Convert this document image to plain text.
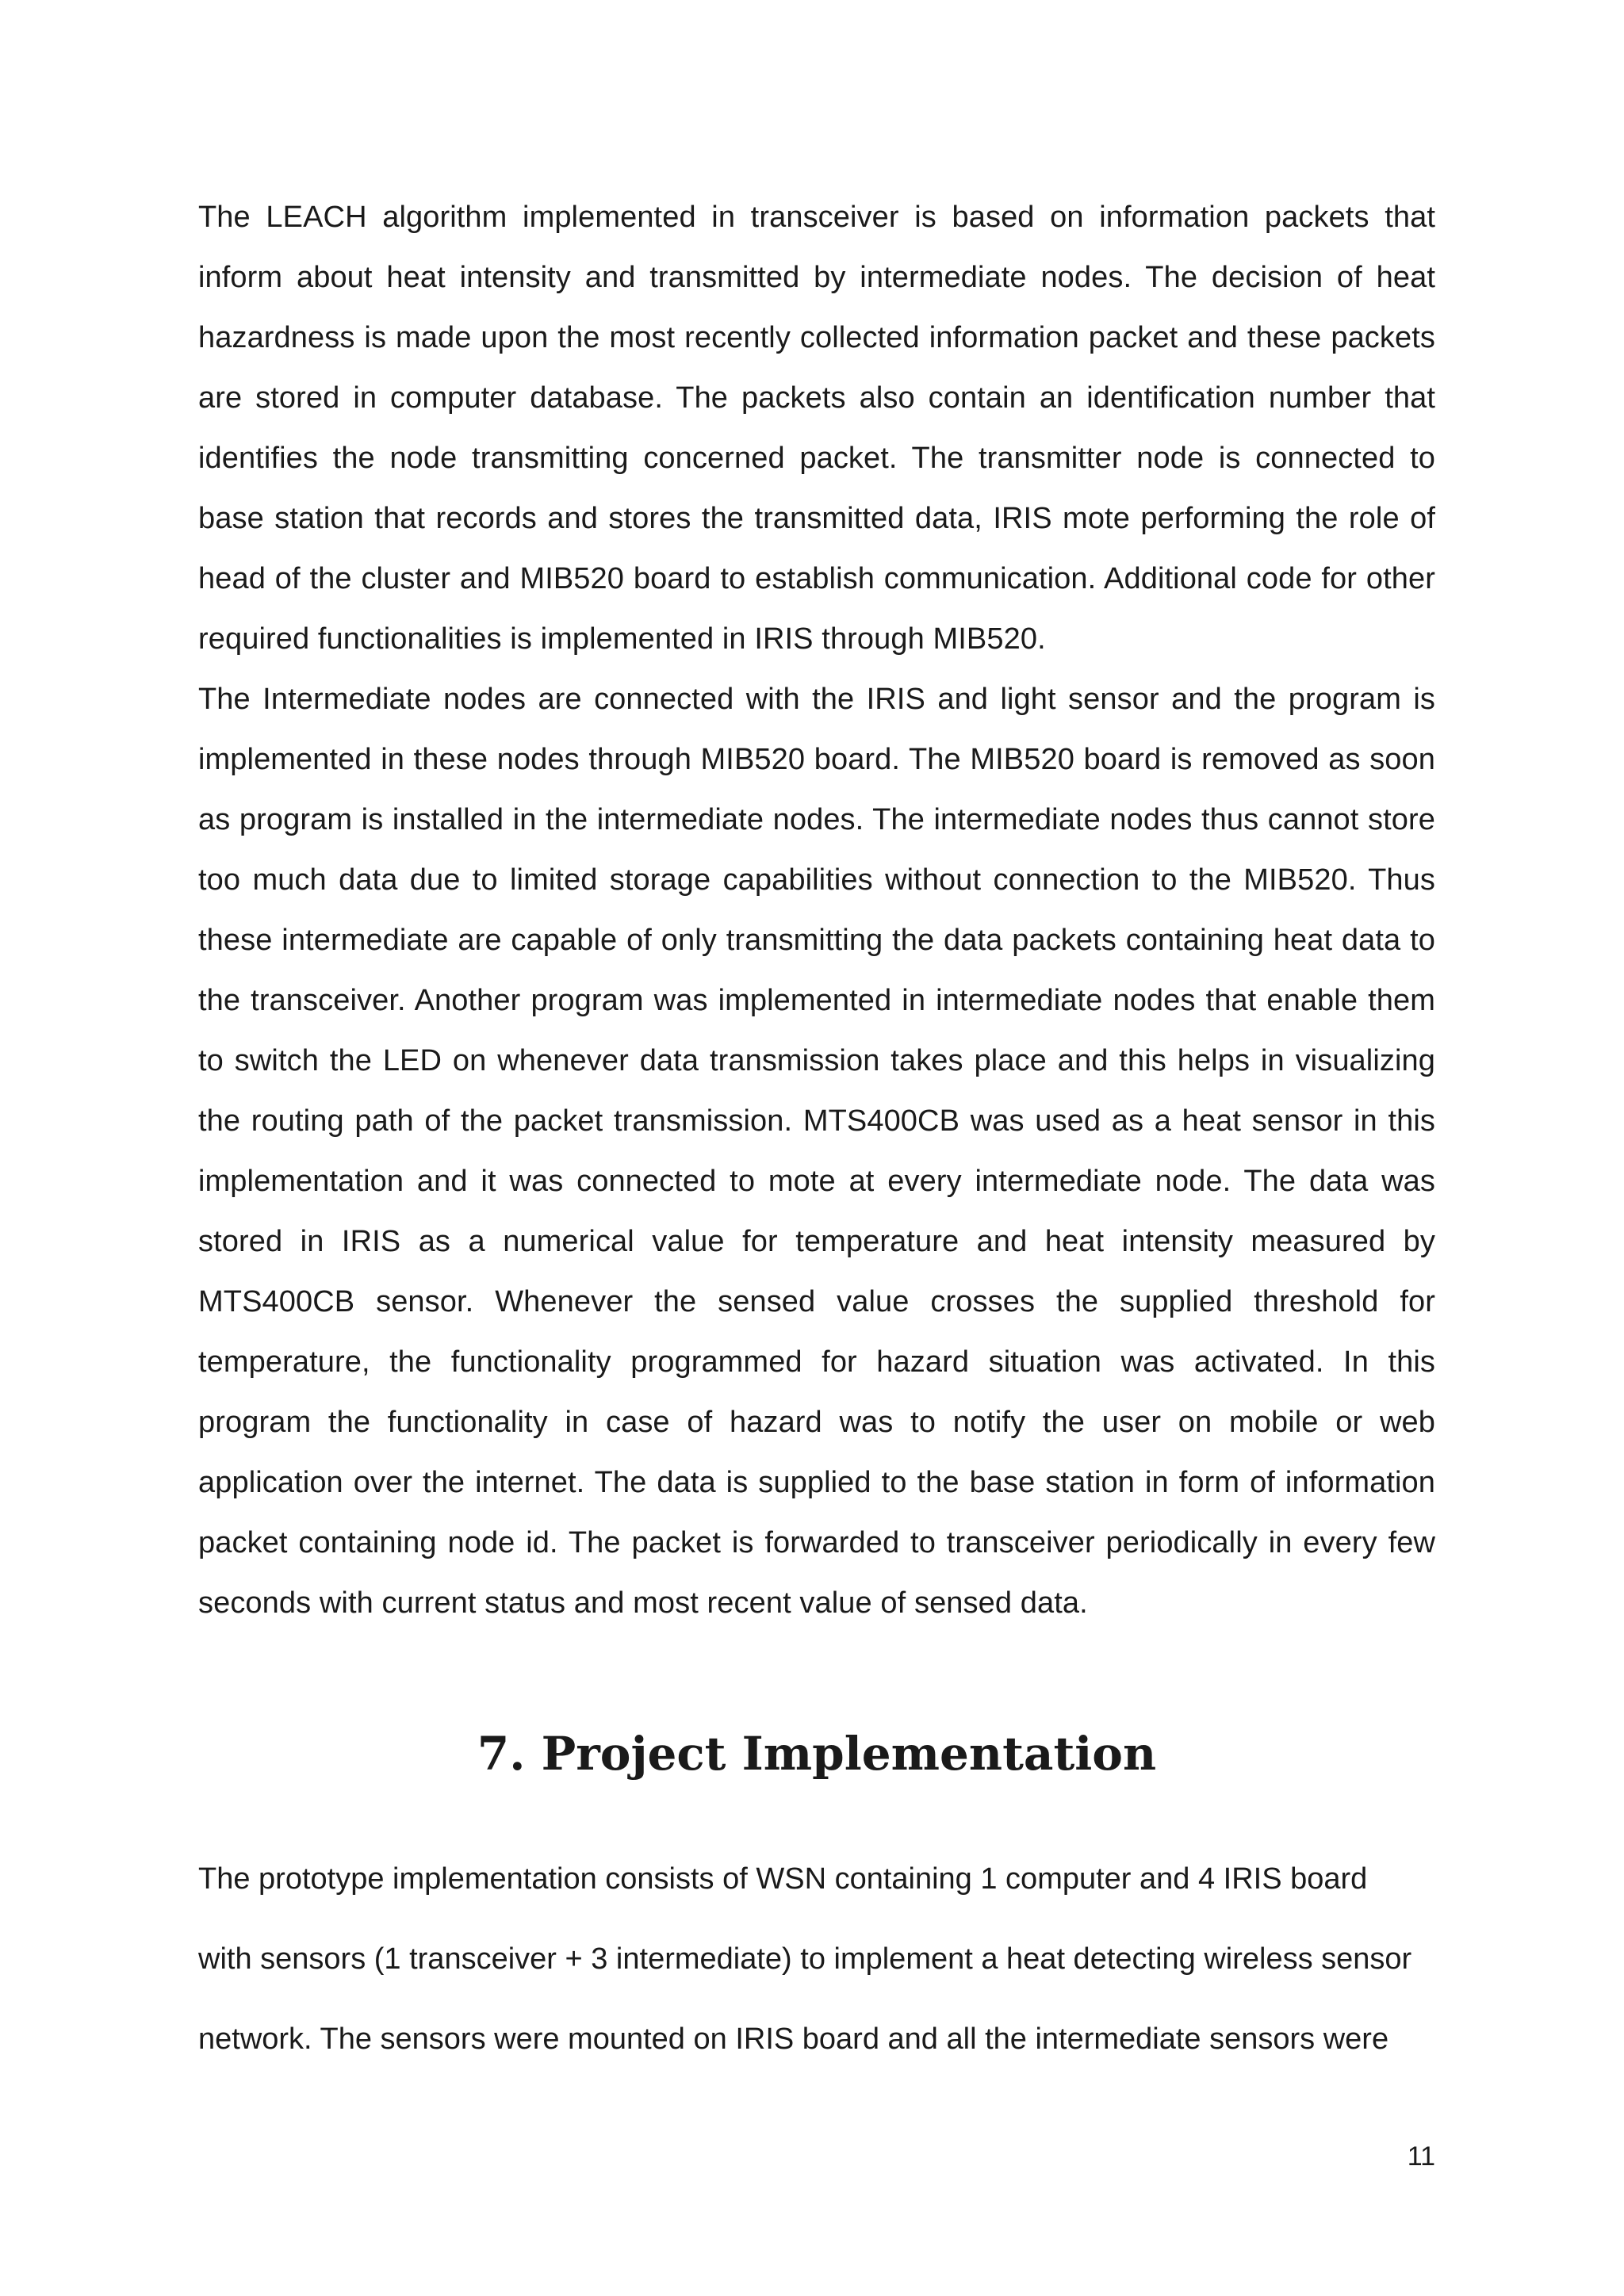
The LEACH algorithm implemented in transceiver is based on information packets that inform about heat intensity and transmitted by intermediate nodes. The decision of heat hazardness is made upon the most recently collected information packet and these packets are stored in computer database. The packets also contain an identification number that identifies the node transmitting concerned packet. The transmitter node is connected to base station that records and stores the transmitted data, IRIS mote performing the role of head of the cluster and MIB520 board to establish communication. Additional code for other required functionalities is implemented in IRIS through MIB520.

The Intermediate nodes are connected with the IRIS and light sensor and the program is implemented in these nodes through MIB520 board. The MIB520 board is removed as soon as program is installed in the intermediate nodes. The intermediate nodes thus cannot store too much data due to limited storage capabilities without connection to the MIB520. Thus these intermediate are capable of only transmitting the data packets containing heat data to the transceiver. Another program was implemented in intermediate nodes that enable them to switch the LED on whenever data transmission takes place and this helps in visualizing the routing path of the packet transmission. MTS400CB was used as a heat sensor in this implementation and it was connected to mote at every intermediate node. The data was stored in IRIS as a numerical value for temperature and heat intensity measured by MTS400CB sensor. Whenever the sensed value crosses the supplied threshold for temperature, the functionality programmed for hazard situation was activated. In this program the functionality in case of hazard was to notify the user on mobile or web application over the internet. The data is supplied to the base station in form of information packet containing node id. The packet is forwarded to transceiver periodically in every few seconds with current status and most recent value of sensed data.

7. Project Implementation
The prototype implementation consists of WSN containing 1 computer and 4 IRIS board
with sensors (1 transceiver + 3 intermediate) to implement a heat detecting wireless sensor
network. The sensors were mounted on IRIS board and all the intermediate sensors were
11
